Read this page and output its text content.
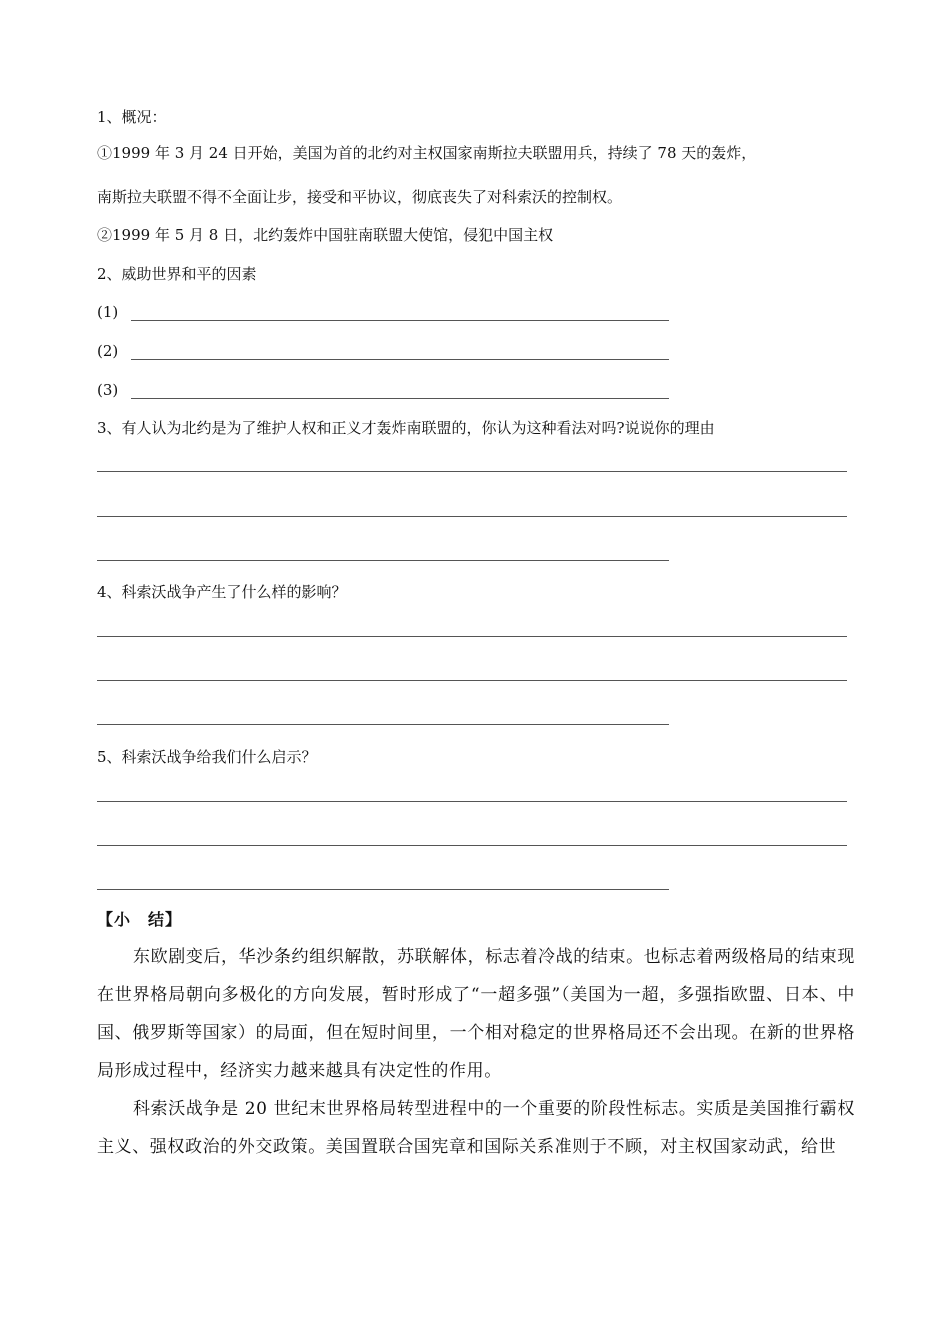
1、概况：
①1999 年 3 月 24 日开始，美国为首的北约对主权国家南斯拉夫联盟用兵，持续了 78 天的轰炸，
南斯拉夫联盟不得不全面让步，接受和平协议，彻底丧失了对科索沃的控制权。
②1999 年 5 月 8 日，北约轰炸中国驻南联盟大使馆，侵犯中国主权
2、威助世界和平的因素
(1)
(2)
(3)
3、有人认为北约是为了维护人权和正义才轰炸南联盟的，你认为这种看法对吗?说说你的理由
4、科索沃战争产生了什么样的影响？
5、科索沃战争给我们什么启示？
【小　结】
东欧剧变后，华沙条约组织解散，苏联解体，标志着冷战的结束。也标志着两级格局的结束现在世界格局朝向多极化的方向发展，暂时形成了“一超多强”（美国为一超，多强指欧盟、日本、中国、俄罗斯等国家）的局面，但在短时间里，一个相对稳定的世界格局还不会出现。在新的世界格局形成过程中，经济实力越来越具有决定性的作用。
科索沃战争是 20 世纪末世界格局转型进程中的一个重要的阶段性标志。实质是美国推行霸权主义、强权政治的外交政策。美国置联合国宪章和国际关系准则于不顾，对主权国家动武，给世
